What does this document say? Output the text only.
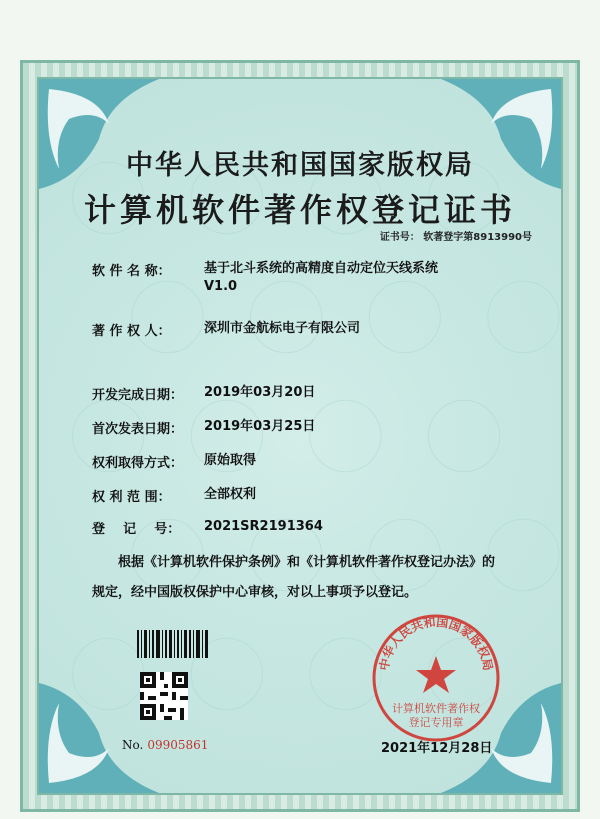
中华人民共和国国家版权局
计算机软件著作权登记证书
证书号： 软著登字第8913990号
软 件 名 称：	基于北斗系统的高精度自动定位天线系统
V1.0
著 作 权 人：	深圳市金航标电子有限公司
开发完成日期：	2019年03月20日
首次发表日期：	2019年03月25日
权利取得方式：	原始取得
权 利 范 围：	全部权利
登    记    号：	2021SR2191364
根据《计算机软件保护条例》和《计算机软件著作权登记办法》的
规定，经中国版权保护中心审核，对以上事项予以登记。
No. 09905861
中华人民共和国国家版权局
计算机软件著作权
登记专用章
2021年12月28日
